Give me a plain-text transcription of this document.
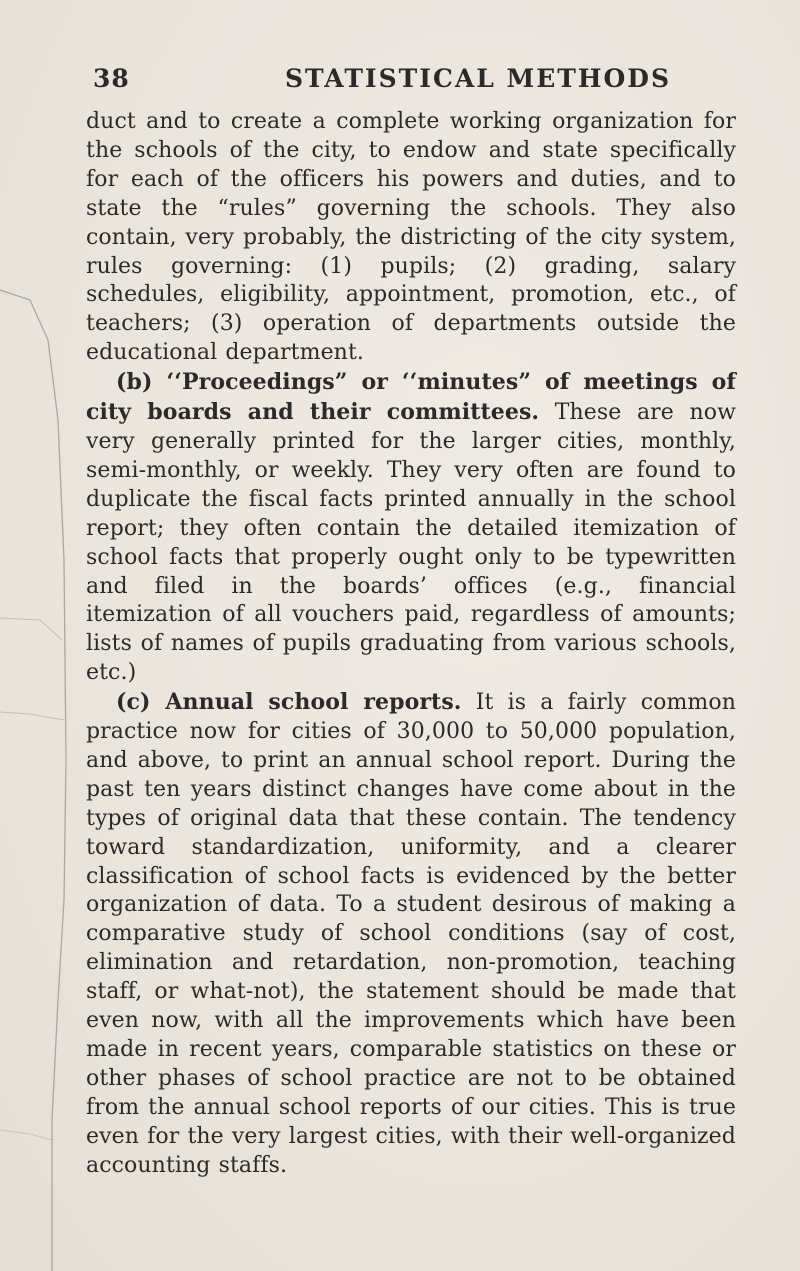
38	STATISTICAL METHODS

duct and to create a complete working organization for the schools of the city, to endow and state specifically for each of the officers his powers and duties, and to state the “rules” governing the schools. They also contain, very probably, the districting of the city system, rules governing: (1) pupils; (2) grading, salary schedules, eligibility, appointment, promotion, etc., of teachers; (3) operation of departments outside the educational department.

(b) ‘‘Proceedings” or ‘‘minutes” of meetings of city boards and their committees. These are now very generally printed for the larger cities, monthly, semi-monthly, or weekly. They very often are found to duplicate the fiscal facts printed annually in the school report; they often contain the detailed itemization of school facts that properly ought only to be typewritten and filed in the boards’ offices (e.g., financial itemization of all vouchers paid, regardless of amounts; lists of names of pupils graduating from various schools, etc.)

(c) Annual school reports. It is a fairly common practice now for cities of 30,000 to 50,000 population, and above, to print an annual school report. During the past ten years distinct changes have come about in the types of original data that these contain. The tendency toward standardization, uniformity, and a clearer classification of school facts is evidenced by the better organization of data. To a student desirous of making a comparative study of school conditions (say of cost, elimination and retardation, non-promotion, teaching staff, or what-not), the statement should be made that even now, with all the improvements which have been made in recent years, comparable statistics on these or other phases of school practice are not to be obtained from the annual school reports of our cities. This is true even for the very largest cities, with their well-organized accounting staffs.
